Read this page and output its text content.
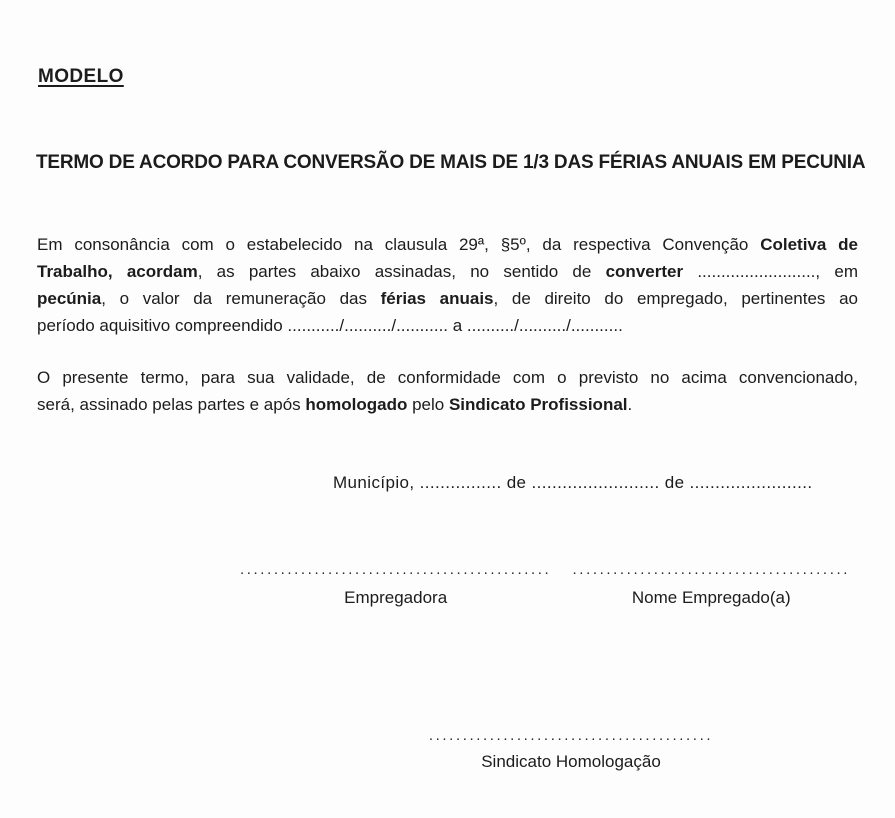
MODELO
TERMO DE ACORDO PARA CONVERSÃO DE MAIS DE 1/3 DAS FÉRIAS ANUAIS EM PECUNIA
Em consonância com o estabelecido na clausula 29ª, §5º, da respectiva Convenção Coletiva de
Trabalho, acordam, as partes abaixo assinadas, no sentido de converter ........................., em
pecúnia, o valor da remuneração das férias anuais, de direito do empregado, pertinentes ao
período aquisitivo compreendido .........../........../........... a ........../........../...........
O presente termo, para sua validade, de conformidade com o previsto no acima convencionado,
será, assinado pelas partes e após homologado pelo Sindicato Profissional.
Município, ................ de ......................... de ........................
..............................................
Empregadora
.........................................
Nome Empregado(a)
..........................................
Sindicato Homologação
